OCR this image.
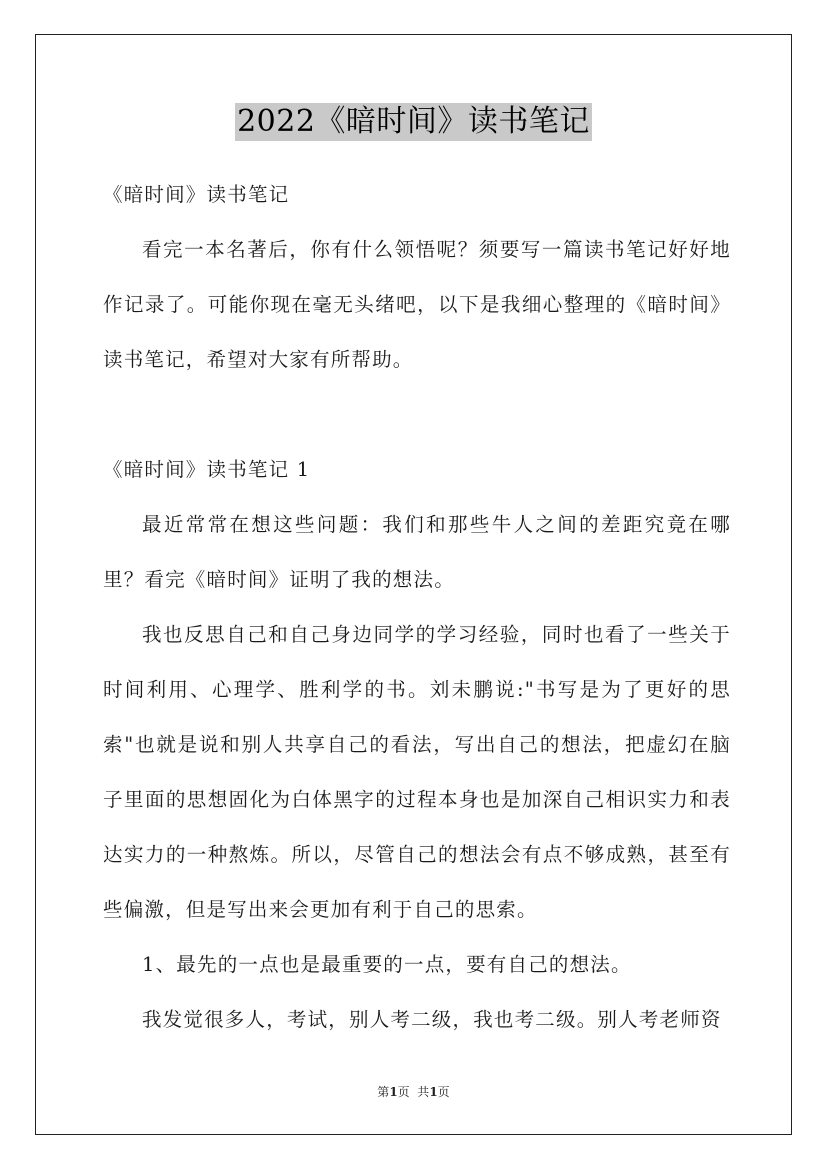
2022《暗时间》读书笔记

《暗时间》读书笔记

看完一本名著后，你有什么领悟呢？须要写一篇读书笔记好好地作记录了。可能你现在毫无头绪吧，以下是我细心整理的《暗时间》读书笔记，希望对大家有所帮助。

《暗时间》读书笔记 1

最近常常在想这些问题：我们和那些牛人之间的差距究竟在哪里？看完《暗时间》证明了我的想法。

我也反思自己和自己身边同学的学习经验，同时也看了一些关于时间利用、心理学、胜利学的书。刘未鹏说:"书写是为了更好的思索"也就是说和别人共享自己的看法，写出自己的想法，把虚幻在脑子里面的思想固化为白体黑字的过程本身也是加深自己相识实力和表达实力的一种熬炼。所以，尽管自己的想法会有点不够成熟，甚至有些偏激，但是写出来会更加有利于自己的思索。

1、最先的一点也是最重要的一点，要有自己的想法。

我发觉很多人，考试，别人考二级，我也考二级。别人考老师资

第1页  共1页
